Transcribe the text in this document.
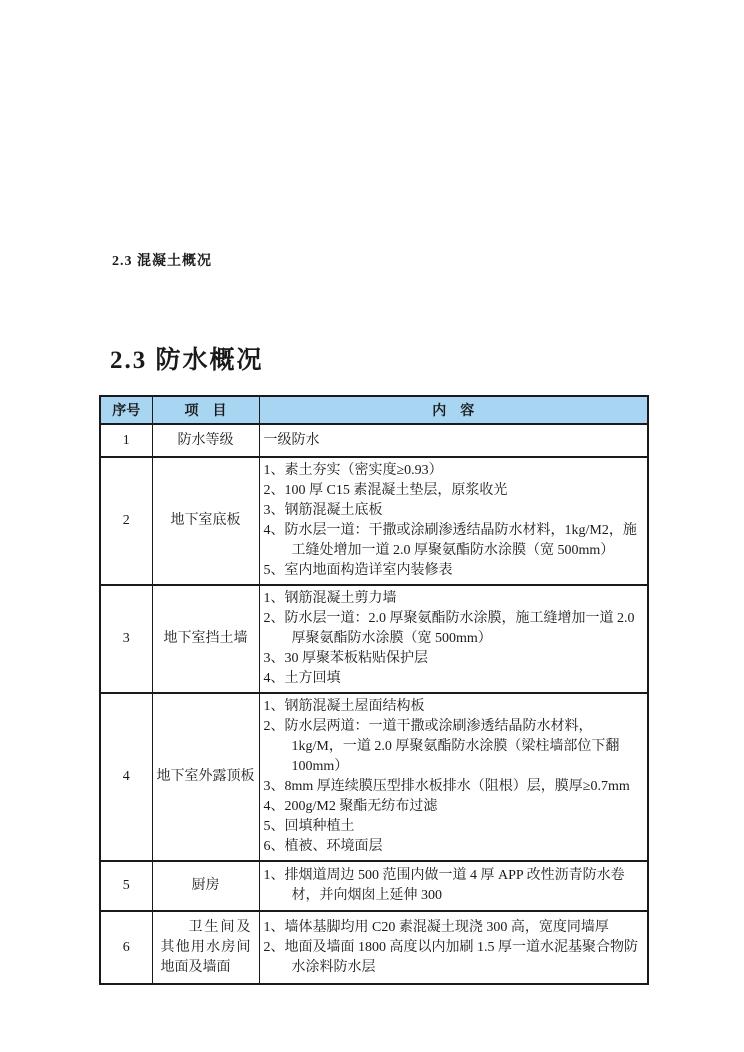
2.3 混凝土概况
2.3 防水概况
序号	项　目	内　容
1	防水等级	一级防水

2	地下室底板	1、素土夯实（密实度≥0.93）
2、100 厚 C15 素混凝土垫层，原浆收光
3、钢筋混凝土底板
4、防水层一道：干撒或涂刷渗透结晶防水材料，1kg/M2，施工缝处增加一道 2.0 厚聚氨酯防水涂膜（宽 500mm）
5、室内地面构造详室内装修表

3	地下室挡土墙	1、钢筋混凝土剪力墙
2、防水层一道：2.0 厚聚氨酯防水涂膜，施工缝增加一道 2.0 厚聚氨酯防水涂膜（宽 500mm）
3、30 厚聚苯板粘贴保护层
4、土方回填

4	地下室外露顶板	
1、钢筋混凝土屋面结构板
2、防水层两道：一道干撒或涂刷渗透结晶防水材料，1kg/M，一道 2.0 厚聚氨酯防水涂膜（梁柱墙部位下翻 100mm）
3、8mm 厚连续膜压型排水板排水（阻根）层，膜厚≥0.7mm
4、200g/M2 聚酯无纺布过滤
5、回填种植土
6、植被、环境面层

5	厨房	1、排烟道周边 500 范围内做一道 4 厚 APP 改性沥青防水卷材，并向烟囱上延伸 300

6	卫生间及其他用水房间地面及墙面	1、墙体基脚均用 C20 素混凝土现浇 300 高，宽度同墙厚
2、地面及墙面 1800 高度以内加刷 1.5 厚一道水泥基聚合物防水涂料防水层
